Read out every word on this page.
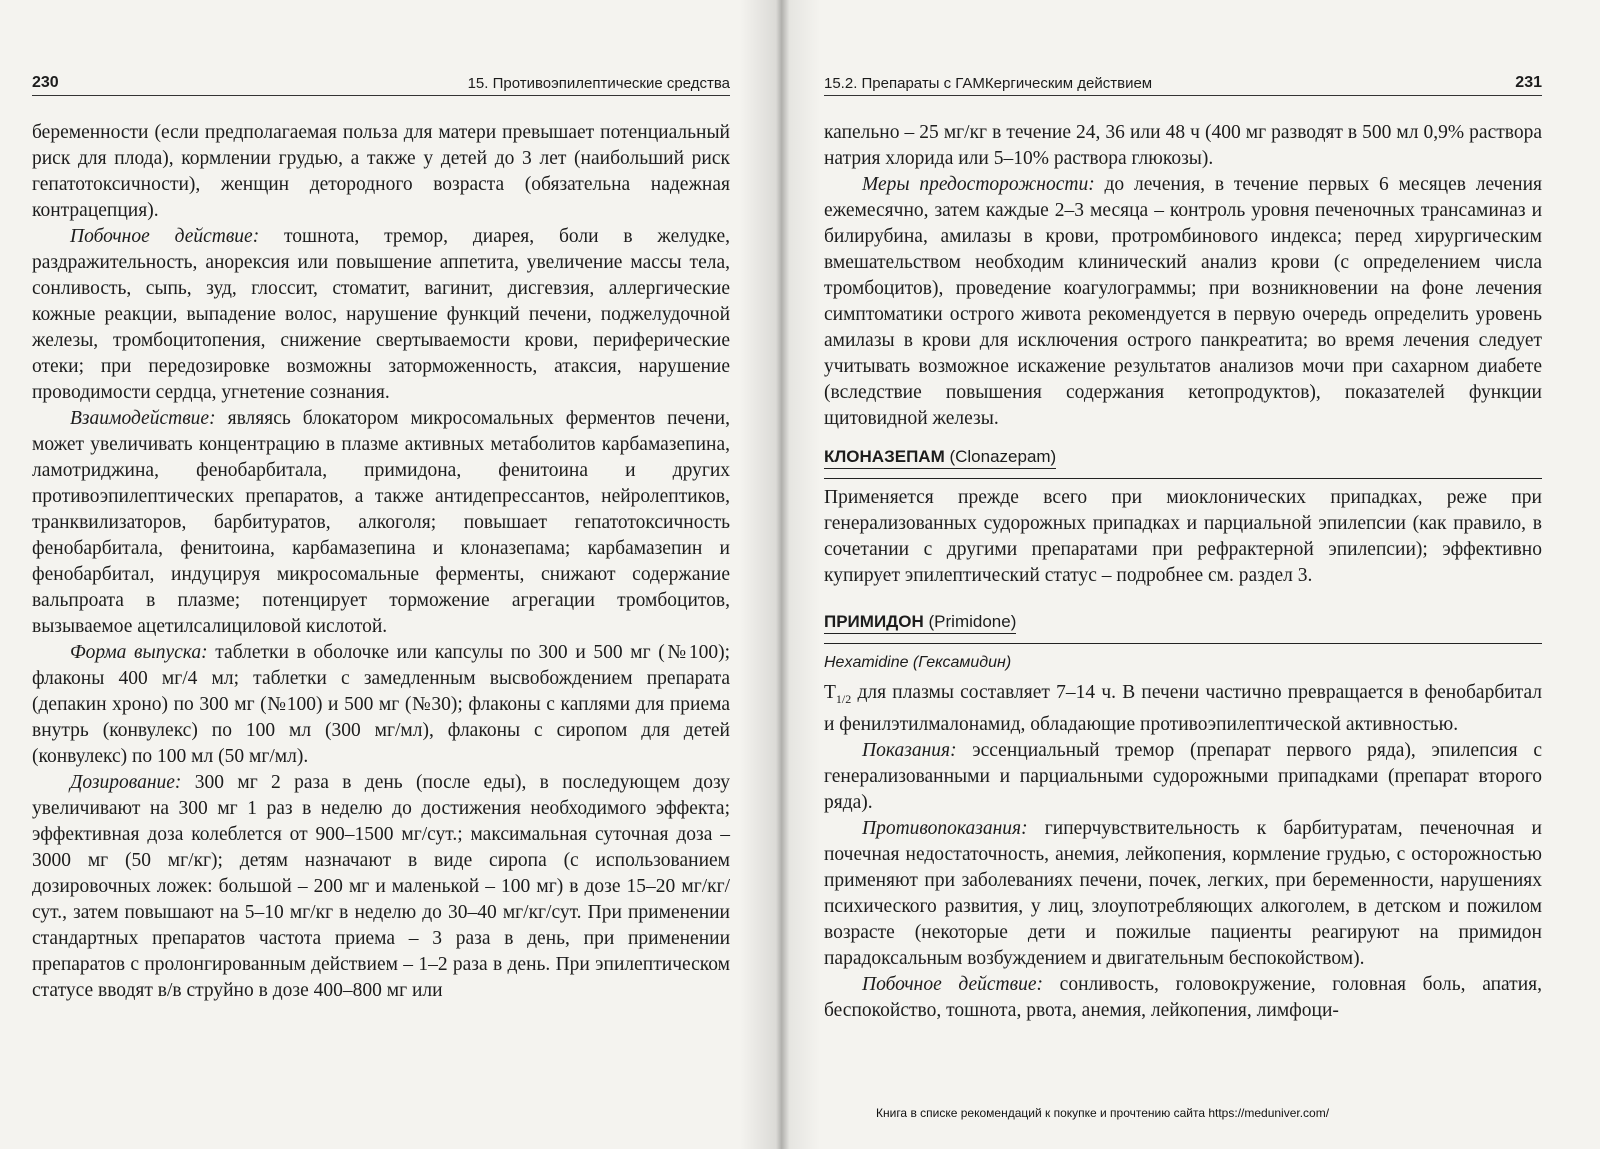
230	15. Противоэпилептические средства

беременности (если предполагаемая польза для матери превышает потенциальный риск для плода), кормлении грудью, а также у детей до 3 лет (наибольший риск гепатотоксичности), женщин детородного возраста (обязательна надежная контрацепция).

Побочное действие: тошнота, тремор, диарея, боли в желудке, раздражительность, анорексия или повышение аппетита, увеличение массы тела, сонливость, сыпь, зуд, глоссит, стоматит, вагинит, дисгевзия, аллергические кожные реакции, выпадение волос, нарушение функций печени, поджелудочной железы, тромбоцитопения, снижение свертываемости крови, периферические отеки; при передозировке возможны заторможенность, атаксия, нарушение проводимости сердца, угнетение сознания.

Взаимодействие: являясь блокатором микросомальных ферментов печени, может увеличивать концентрацию в плазме активных метаболитов карбамазепина, ламотриджина, фенобарбитала, примидона, фенитоина и других противоэпилептических препаратов, а также антидепрессантов, нейролептиков, транквилизаторов, барбитуратов, алкоголя; повышает гепатотоксичность фенобарбитала, фенитоина, карбамазепина и клоназепама; карбамазепин и фенобарбитал, индуцируя микросомальные ферменты, снижают содержание вальпроата в плазме; потенцирует торможение агрегации тромбоцитов, вызываемое ацетилсалициловой кислотой.

Форма выпуска: таблетки в оболочке или капсулы по 300 и 500 мг (№100); флаконы 400 мг/4 мл; таблетки с замедленным высвобождением препарата (депакин хроно) по 300 мг (№100) и 500 мг (№30); флаконы с каплями для приема внутрь (конвулекс) по 100 мл (300 мг/мл), флаконы с сиропом для детей (конвулекс) по 100 мл (50 мг/мл).

Дозирование: 300 мг 2 раза в день (после еды), в последующем дозу увеличивают на 300 мг 1 раз в неделю до достижения необходимого эффекта; эффективная доза колеблется от 900–1500 мг/сут.; максимальная суточная доза – 3000 мг (50 мг/кг); детям назначают в виде сиропа (с использованием дозировочных ложек: большой – 200 мг и маленькой – 100 мг) в дозе 15–20 мг/кг/сут., затем повышают на 5–10 мг/кг в неделю до 30–40 мг/кг/сут. При применении стандартных препаратов частота приема – 3 раза в день, при применении препаратов с пролонгированным действием – 1–2 раза в день. При эпилептическом статусе вводят в/в струйно в дозе 400–800 мг или

15.2. Препараты с ГАМКергическим действием	231

капельно – 25 мг/кг в течение 24, 36 или 48 ч (400 мг разводят в 500 мл 0,9% раствора натрия хлорида или 5–10% раствора глюкозы).

Меры предосторожности: до лечения, в течение первых 6 месяцев лечения ежемесячно, затем каждые 2–3 месяца – контроль уровня печеночных трансаминаз и билирубина, амилазы в крови, протромбинового индекса; перед хирургическим вмешательством необходим клинический анализ крови (с определением числа тромбоцитов), проведение коагулограммы; при возникновении на фоне лечения симптоматики острого живота рекомендуется в первую очередь определить уровень амилазы в крови для исключения острого панкреатита; во время лечения следует учитывать возможное искажение результатов анализов мочи при сахарном диабете (вследствие повышения содержания кетопродуктов), показателей функции щитовидной железы.

КЛОНАЗЕПАМ (Clonazepam)

Применяется прежде всего при миоклонических припадках, реже при генерализованных судорожных припадках и парциальной эпилепсии (как правило, в сочетании с другими препаратами при рефрактерной эпилепсии); эффективно купирует эпилептический статус – подробнее см. раздел 3.

ПРИМИДОН (Primidone)
Hexamidine (Гексамидин)

$T_{1/2}$ для плазмы составляет 7–14 ч. В печени частично превращается в фенобарбитал и фенилэтилмалонамид, обладающие противоэпилептической активностью.

Показания: эссенциальный тремор (препарат первого ряда), эпилепсия с генерализованными и парциальными судорожными припадками (препарат второго ряда).

Противопоказания: гиперчувствительность к барбитуратам, печеночная и почечная недостаточность, анемия, лейкопения, кормление грудью, с осторожностью применяют при заболеваниях печени, почек, легких, при беременности, нарушениях психического развития, у лиц, злоупотребляющих алкоголем, в детском и пожилом возрасте (некоторые дети и пожилые пациенты реагируют на примидон парадоксальным возбуждением и двигательным беспокойством).

Побочное действие: сонливость, головокружение, головная боль, апатия, беспокойство, тошнота, рвота, анемия, лейкопения, лимфоци-

Книга в списке рекомендаций к покупке и прочтению сайта https://meduniver.com/
